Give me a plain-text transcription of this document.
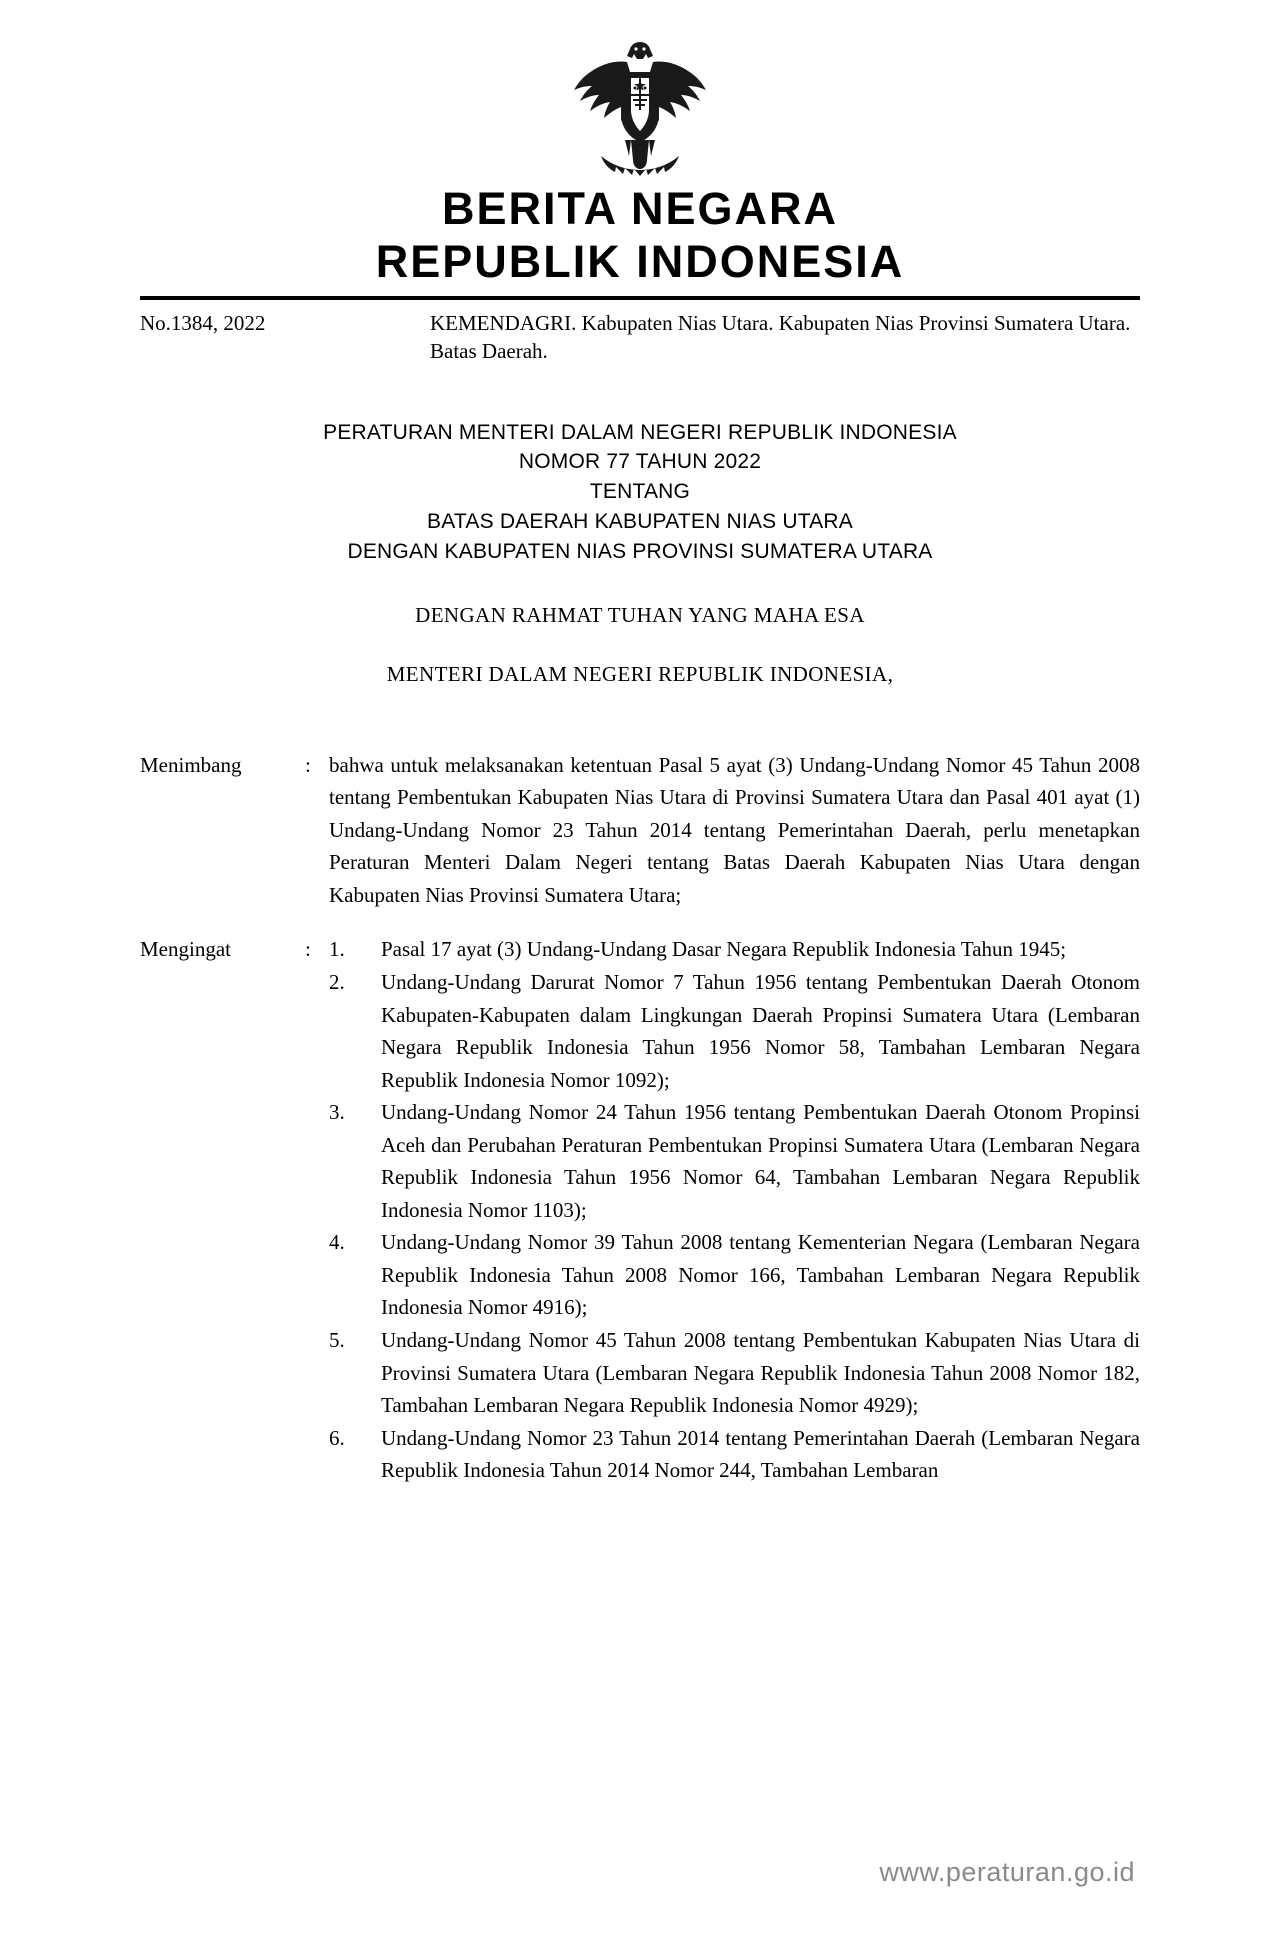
BERITA NEGARA
REPUBLIK INDONESIA
No.1384, 2022	KEMENDAGRI. Kabupaten Nias Utara. Kabupaten Nias Provinsi Sumatera Utara. Batas Daerah.
PERATURAN MENTERI DALAM NEGERI REPUBLIK INDONESIA
NOMOR 77 TAHUN 2022
TENTANG
BATAS DAERAH KABUPATEN NIAS UTARA
DENGAN KABUPATEN NIAS PROVINSI SUMATERA UTARA
DENGAN RAHMAT TUHAN YANG MAHA ESA
MENTERI DALAM NEGERI REPUBLIK INDONESIA,
Menimbang	: bahwa untuk melaksanakan ketentuan Pasal 5 ayat (3) Undang-Undang Nomor 45 Tahun 2008 tentang Pembentukan Kabupaten Nias Utara di Provinsi Sumatera Utara dan Pasal 401 ayat (1) Undang-Undang Nomor 23 Tahun 2014 tentang Pemerintahan Daerah, perlu menetapkan Peraturan Menteri Dalam Negeri tentang Batas Daerah Kabupaten Nias Utara dengan Kabupaten Nias Provinsi Sumatera Utara;

Mengingat	: 1.	Pasal 17 ayat (3) Undang-Undang Dasar Negara Republik Indonesia Tahun 1945;
2.	Undang-Undang Darurat Nomor 7 Tahun 1956 tentang Pembentukan Daerah Otonom Kabupaten-Kabupaten dalam Lingkungan Daerah Propinsi Sumatera Utara (Lembaran Negara Republik Indonesia Tahun 1956 Nomor 58, Tambahan Lembaran Negara Republik Indonesia Nomor 1092);
3.	Undang-Undang Nomor 24 Tahun 1956 tentang Pembentukan Daerah Otonom Propinsi Aceh dan Perubahan Peraturan Pembentukan Propinsi Sumatera Utara (Lembaran Negara Republik Indonesia Tahun 1956 Nomor 64, Tambahan Lembaran Negara Republik Indonesia Nomor 1103);
4.	Undang-Undang Nomor 39 Tahun 2008 tentang Kementerian Negara (Lembaran Negara Republik Indonesia Tahun 2008 Nomor 166, Tambahan Lembaran Negara Republik Indonesia Nomor 4916);
5.	Undang-Undang Nomor 45 Tahun 2008 tentang Pembentukan Kabupaten Nias Utara di Provinsi Sumatera Utara (Lembaran Negara Republik Indonesia Tahun 2008 Nomor 182, Tambahan Lembaran Negara Republik Indonesia Nomor 4929);
6.	Undang-Undang Nomor 23 Tahun 2014 tentang Pemerintahan Daerah (Lembaran Negara Republik Indonesia Tahun 2014 Nomor 244, Tambahan Lembaran
www.peraturan.go.id
